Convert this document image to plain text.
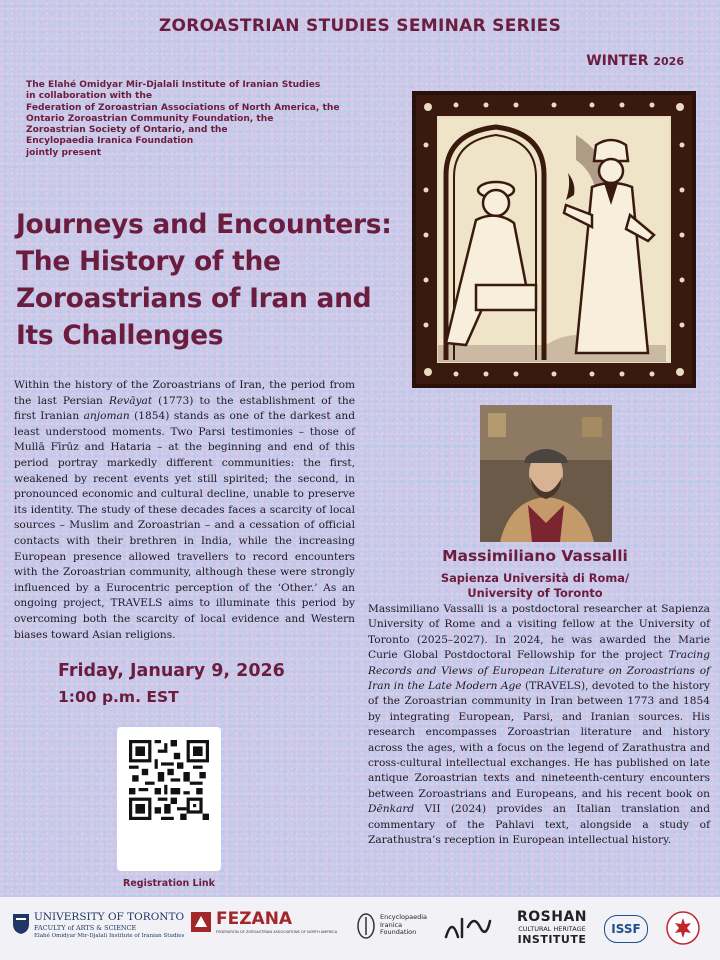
ZOROASTRIAN STUDIES SEMINAR SERIES
WINTER 2026
The Elahé Omidyar Mir-Djalali Institute of Iranian Studies
in collaboration with the
Federation of Zoroastrian Associations of North America, the
Ontario Zoroastrian Community Foundation, the
Zoroastrian Society of Ontario, and the
Encylopaedia Iranica Foundation
jointly present
Journeys and Encounters:
The History of the
Zoroastrians of Iran and
Its Challenges
Within the history of the Zoroastrians of Iran, the period from the last Persian Revāyat (1773) to the establishment of the first Iranian anjoman (1854) stands as one of the darkest and least understood moments. Two Parsi testimonies – those of Mullā Fīrūz and Hataria – at the beginning and end of this period portray markedly different communities: the first, weakened by recent events yet still spirited; the second, in pronounced economic and cultural decline, unable to preserve its identity. The study of these decades faces a scarcity of local sources – Muslim and Zoroastrian – and a cessation of official contacts with their brethren in India, while the increasing European presence allowed travellers to record encounters with the Zoroastrian community, although these were strongly influenced by a Eurocentric perception of the ‘Other.’ As an ongoing project, TRAVELS aims to illuminate this period by overcoming both the scarcity of local evidence and Western biases toward Asian religions.
Friday, January 9, 2026
1:00 p.m. EST
Registration Link
Massimiliano Vassalli
Sapienza Università di Roma/
University of Toronto
Massimiliano Vassalli is a postdoctoral researcher at Sapienza University of Rome and a visiting fellow at the University of Toronto (2025–2027). In 2024, he was awarded the Marie Curie Global Postdoctoral Fellowship for the project Tracing Records and Views of European Literature on Zoroastrians of Iran in the Late Modern Age (TRAVELS), devoted to the history of the Zoroastrian community in Iran between 1773 and 1854 by integrating European, Parsi, and Iranian sources. His research encompasses Zoroastrian literature and history across the ages, with a focus on the legend of Zarathustra and cross-cultural intellectual exchanges. He has published on late antique Zoroastrian texts and nineteenth-century encounters between Zoroastrians and Europeans, and his recent book on Dēnkard VII (2024) provides an Italian translation and commentary of the Pahlavi text, alongside a study of Zarathustra’s reception in European intellectual history.
UNIVERSITY OF TORONTO
FACULTY of ARTS & SCIENCE
Elahé Omidyar Mir-Djalali Institute of Iranian Studies
FEZANA
FEDERATION OF ZOROASTRIAN ASSOCIATIONS OF NORTH AMERICA
Encyclopaedia
Iranica
Foundation
ROSHAN
CULTURAL HERITAGE
INSTITUTE
ISSF
